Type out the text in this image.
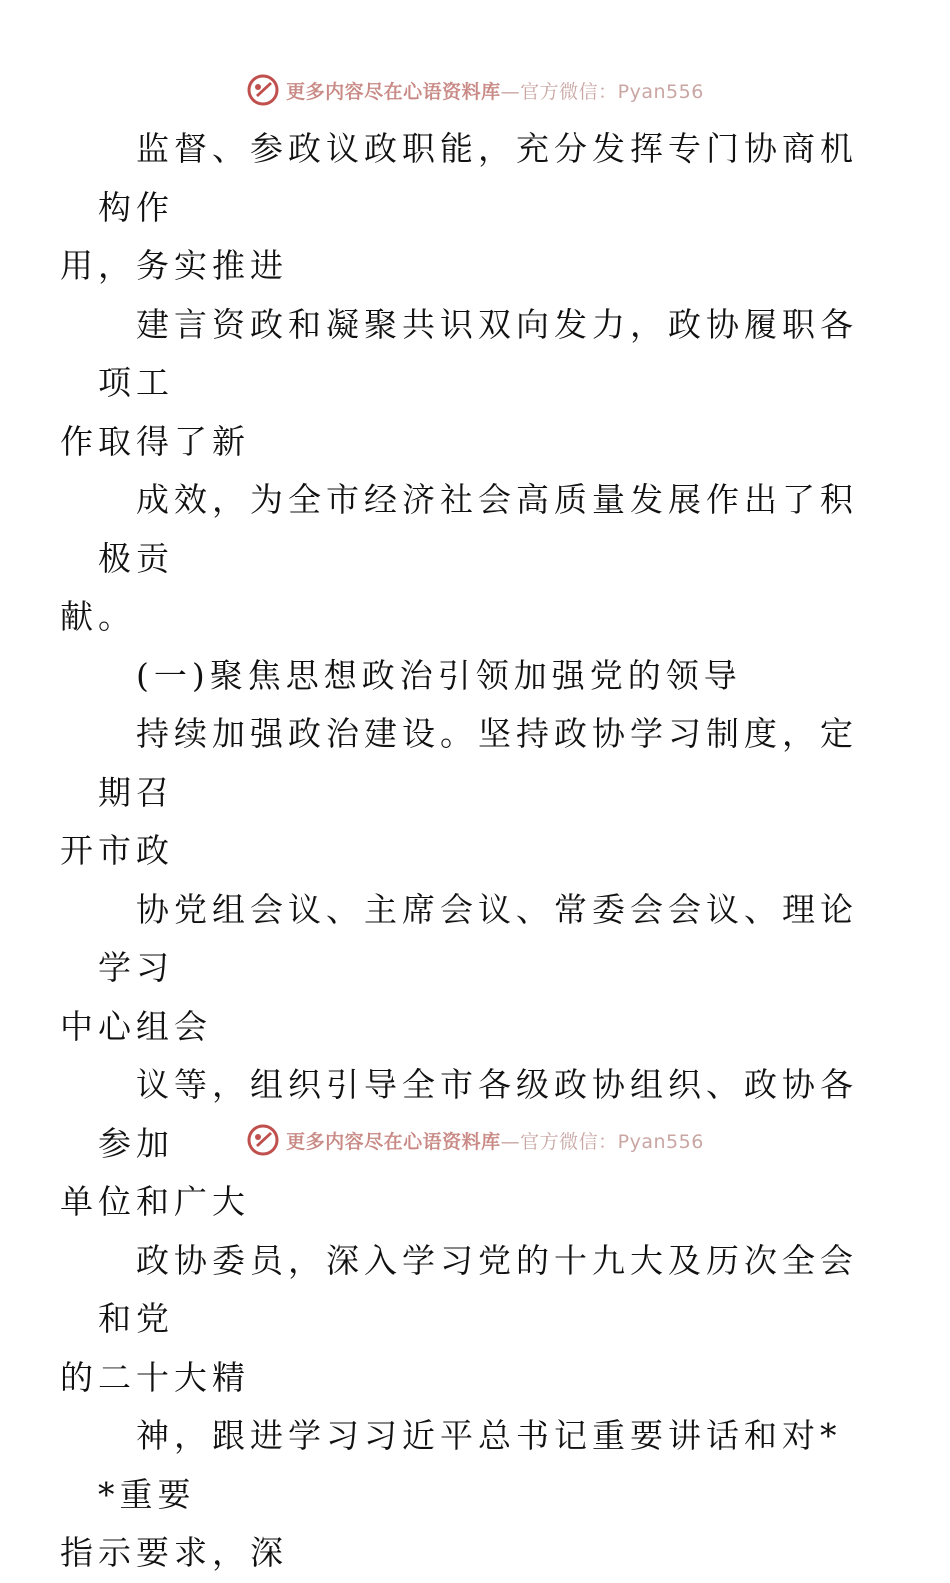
更多内容尽在心语资料库—官方微信：Pyan556

监督、参政议政职能，充分发挥专门协商机构作
用，务实推进

建言资政和凝聚共识双向发力，政协履职各项工
作取得了新

成效，为全市经济社会高质量发展作出了积极贡
献。

(一)聚焦思想政治引领加强党的领导

持续加强政治建设。坚持政协学习制度，定期召
开市政

协党组会议、主席会议、常委会会议、理论学习
中心组会

议等，组织引导全市各级政协组织、政协各参加
单位和广大

政协委员，深入学习党的十九大及历次全会和党
的二十大精

神，跟进学习习近平总书记重要讲话和对**重要
指示要求，深

更多内容尽在心语资料库—官方微信：Pyan556
